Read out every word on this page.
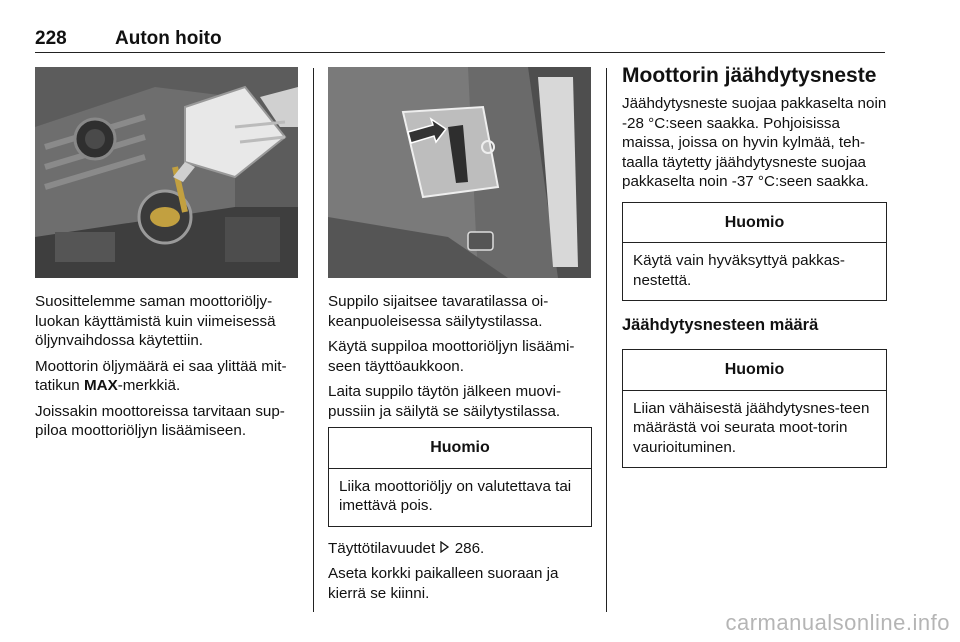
228	Auton hoito

Suosittelemme saman moottoriöljy-luokan käyttämistä kuin viimeisessä öljynvaihdossa käytettiin.

Moottorin öljymäärä ei saa ylittää mit-tatikun MAX-merkkiä.

Joissakin moottoreissa tarvitaan sup-piloa moottoriöljyn lisäämiseen.

Suppilo sijaitsee tavaratilassa oi-keanpuoleisessa säilytystilassa.

Käytä suppiloa moottoriöljyn lisäämi-seen täyttöaukkoon.

Laita suppilo täytön jälkeen muovi-pussiin ja säilytä se säilytystilassa.

Huomio
Liika moottoriöljy on valutettava tai imettävä pois.

Täyttötilavuudet 286.

Aseta korkki paikalleen suoraan ja kierrä se kiinni.

Moottorin jäähdytysneste

Jäähdytysneste suojaa pakkaselta noin -28 °C:seen saakka. Pohjoisissa maissa, joissa on hyvin kylmää, teh-taalla täytetty jäähdytysneste suojaa pakkaselta noin -37 °C:seen saakka.

Huomio
Käytä vain hyväksyttyä pakkas-nestettä.
Jäähdytysnesteen määrä
Huomio
Liian vähäisestä jäähdytysnes-teen määrästä voi seurata moot-torin vaurioituminen.
carmanualsonline.info
